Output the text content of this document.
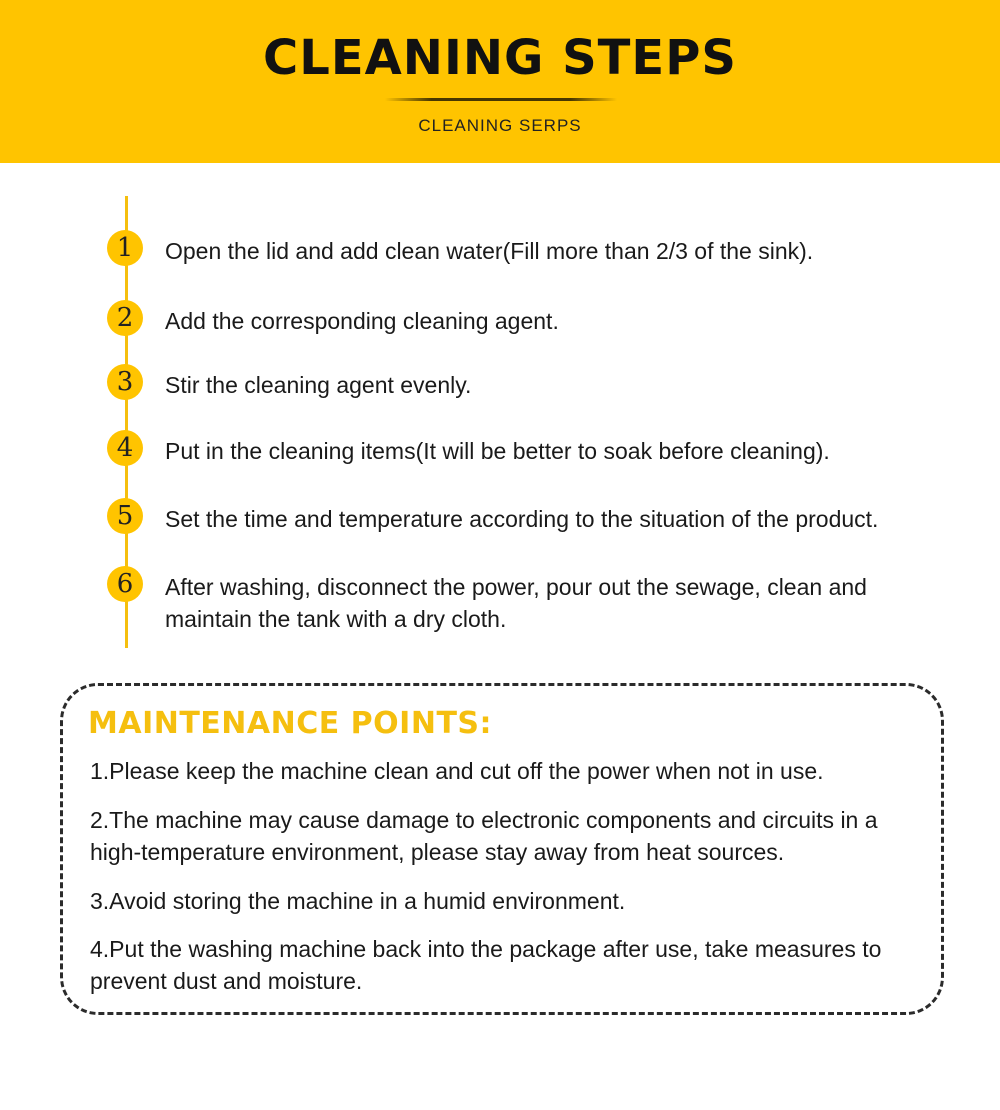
CLEANING STEPS
CLEANING SERPS
1	Open the lid and add clean water(Fill more than 2/3 of the sink).
2	Add the corresponding cleaning agent.
3	Stir the cleaning agent evenly.
4	Put in the cleaning items(It will be better to soak before cleaning).
5	Set the time and temperature according to the situation of the product.
6	After washing, disconnect the power, pour out the sewage, clean and maintain the tank with a dry cloth.
MAINTENANCE POINTS:
1.Please keep the machine clean and cut off the power when not in use.
2.The machine may cause damage to electronic components and circuits in a high-temperature environment, please stay away from heat sources.
3.Avoid storing the machine in a humid environment.
4.Put the washing machine back into the package after use, take measures to prevent dust and moisture.
